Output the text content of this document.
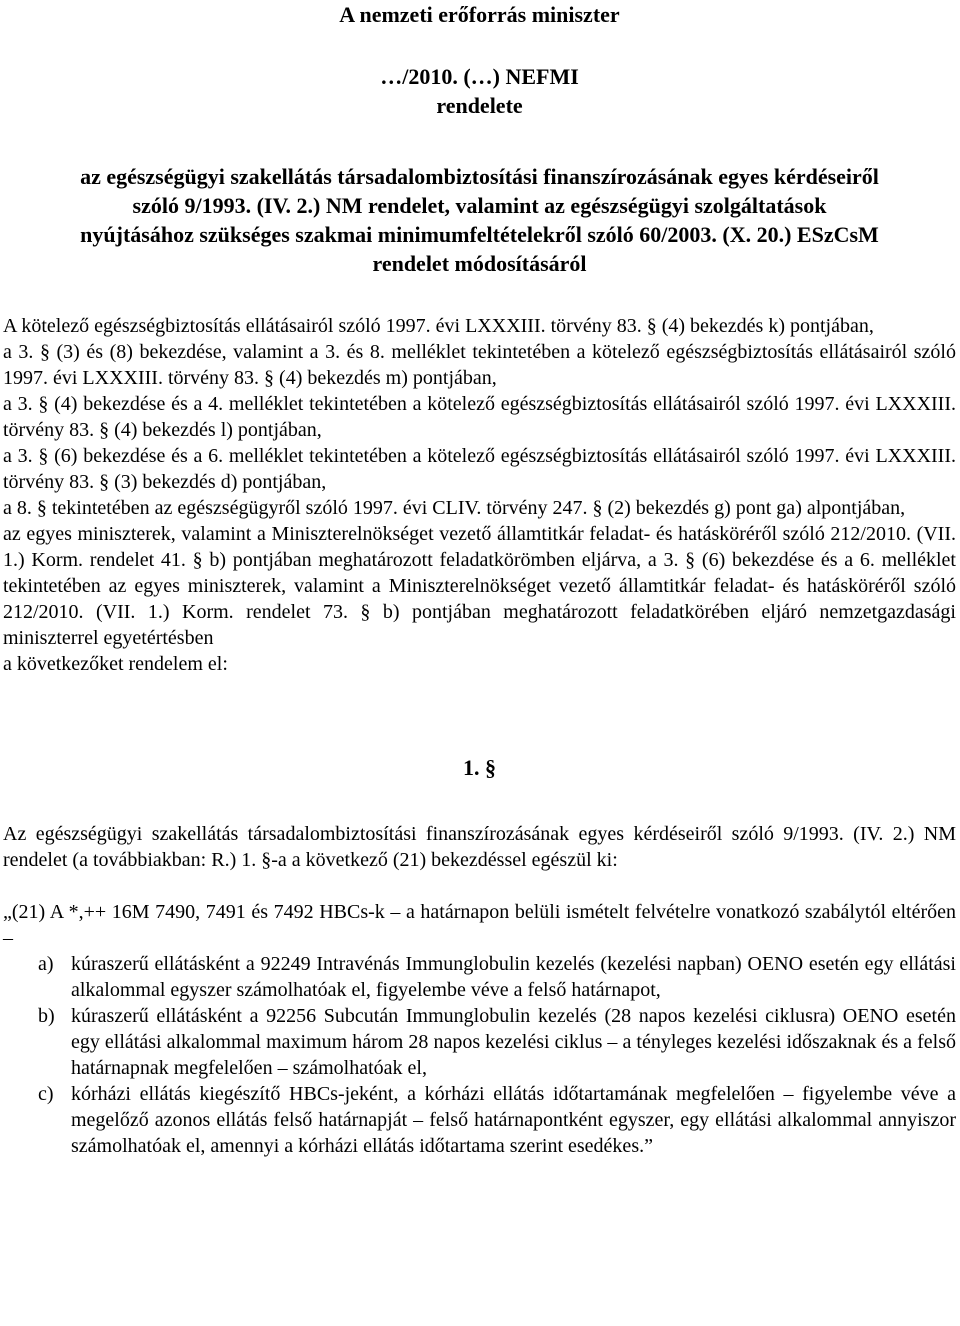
A nemzeti erőforrás miniszter
…/2010. (…) NEFMI
rendelete
az egészségügyi szakellátás társadalombiztosítási finanszírozásának egyes kérdéseiről
szóló 9/1993. (IV. 2.) NM rendelet, valamint az egészségügyi szolgáltatások
nyújtásához szükséges szakmai minimumfeltételekről szóló 60/2003. (X. 20.) ESzCsM
rendelet módosításáról

A kötelező egészségbiztosítás ellátásairól szóló 1997. évi LXXXIII. törvény 83. § (4) bekezdés k) pontjában,

a 3. § (3) és (8) bekezdése, valamint a 3. és 8. melléklet tekintetében a kötelező egészségbiztosítás ellátásairól szóló 1997. évi LXXXIII. törvény 83. § (4) bekezdés m) pontjában,

a 3. § (4) bekezdése és a 4. melléklet tekintetében a kötelező egészségbiztosítás ellátásairól szóló 1997. évi LXXXIII. törvény 83. § (4) bekezdés l) pontjában,

a 3. § (6) bekezdése és a 6. melléklet tekintetében a kötelező egészségbiztosítás ellátásairól szóló 1997. évi LXXXIII. törvény 83. § (3) bekezdés d) pontjában,

a 8. § tekintetében az egészségügyről szóló 1997. évi CLIV. törvény 247. § (2) bekezdés g) pont ga) alpontjában,

az egyes miniszterek, valamint a Miniszterelnökséget vezető államtitkár feladat- és hatásköréről szóló 212/2010. (VII. 1.) Korm. rendelet 41. § b) pontjában meghatározott feladatkörömben eljárva, a 3. § (6) bekezdése és a 6. melléklet tekintetében az egyes miniszterek, valamint a Miniszterelnökséget vezető államtitkár feladat- és hatásköréről szóló 212/2010. (VII. 1.) Korm. rendelet 73. § b) pontjában meghatározott feladatkörében eljáró nemzetgazdasági miniszterrel egyetértésben

a következőket rendelem el:

1. §
Az egészségügyi szakellátás társadalombiztosítási finanszírozásának egyes kérdéseiről szóló 9/1993. (IV. 2.) NM rendelet (a továbbiakban: R.) 1. §-a a következő (21) bekezdéssel egészül ki:

„(21) A *,++ 16M 7490, 7491 és 7492 HBCs-k – a határnapon belüli ismételt felvételre vonatkozó szabálytól eltérően –

a) kúraszerű ellátásként a 92249 Intravénás Immunglobulin kezelés (kezelési napban) OENO esetén egy ellátási alkalommal egyszer számolhatóak el, figyelembe véve a felső határnapot,
b) kúraszerű ellátásként a 92256 Subcután Immunglobulin kezelés (28 napos kezelési ciklusra) OENO esetén egy ellátási alkalommal maximum három 28 napos kezelési ciklus – a tényleges kezelési időszaknak és a felső határnapnak megfelelően – számolhatóak el,
c) kórházi ellátás kiegészítő HBCs-jeként, a kórházi ellátás időtartamának megfelelően – figyelembe véve a megelőző azonos ellátás felső határnapját – felső határnapontként egyszer, egy ellátási alkalommal annyiszor számolhatóak el, amennyi a kórházi ellátás időtartama szerint esedékes.”
